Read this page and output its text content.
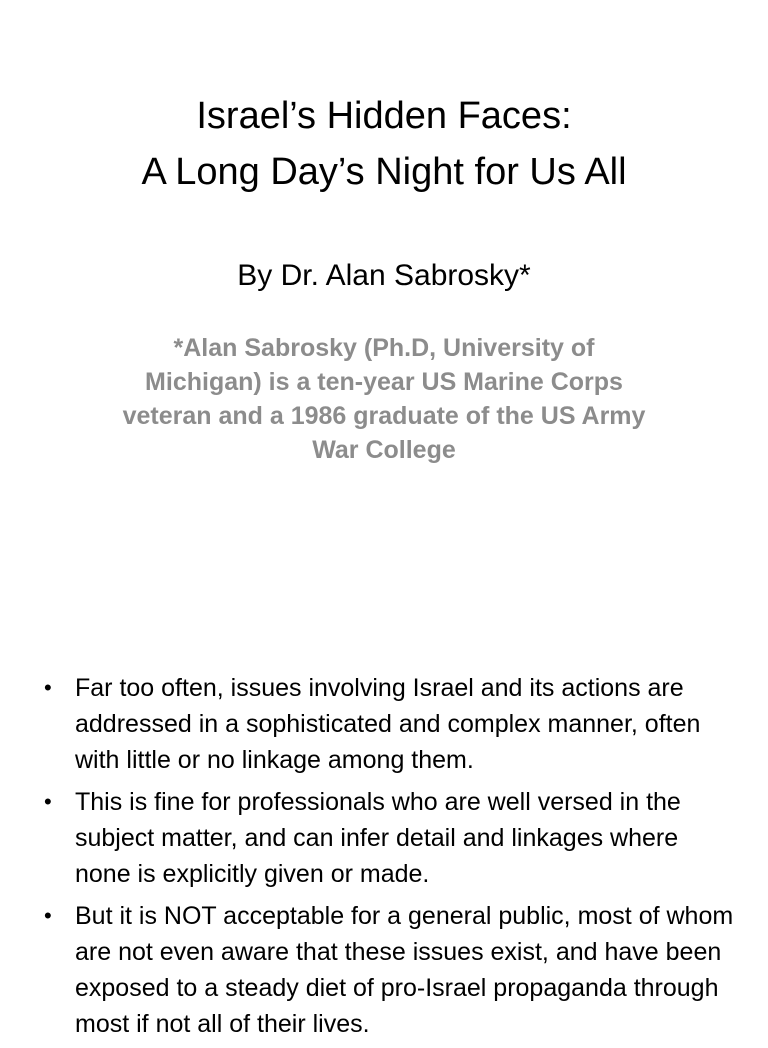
Israel’s Hidden Faces:
A Long Day’s Night for Us All

By Dr. Alan Sabrosky*

*Alan Sabrosky (Ph.D, University of Michigan) is a ten-year US Marine Corps veteran and a 1986 graduate of the US Army War College

• Far too often, issues involving Israel and its actions are addressed in a sophisticated and complex manner, often with little or no linkage among them.
• This is fine for professionals who are well versed in the subject matter, and can infer detail and linkages where none is explicitly given or made.
• But it is NOT acceptable for a general public, most of whom are not even aware that these issues exist, and have been exposed to a steady diet of pro-Israel propaganda through most if not all of their lives.
